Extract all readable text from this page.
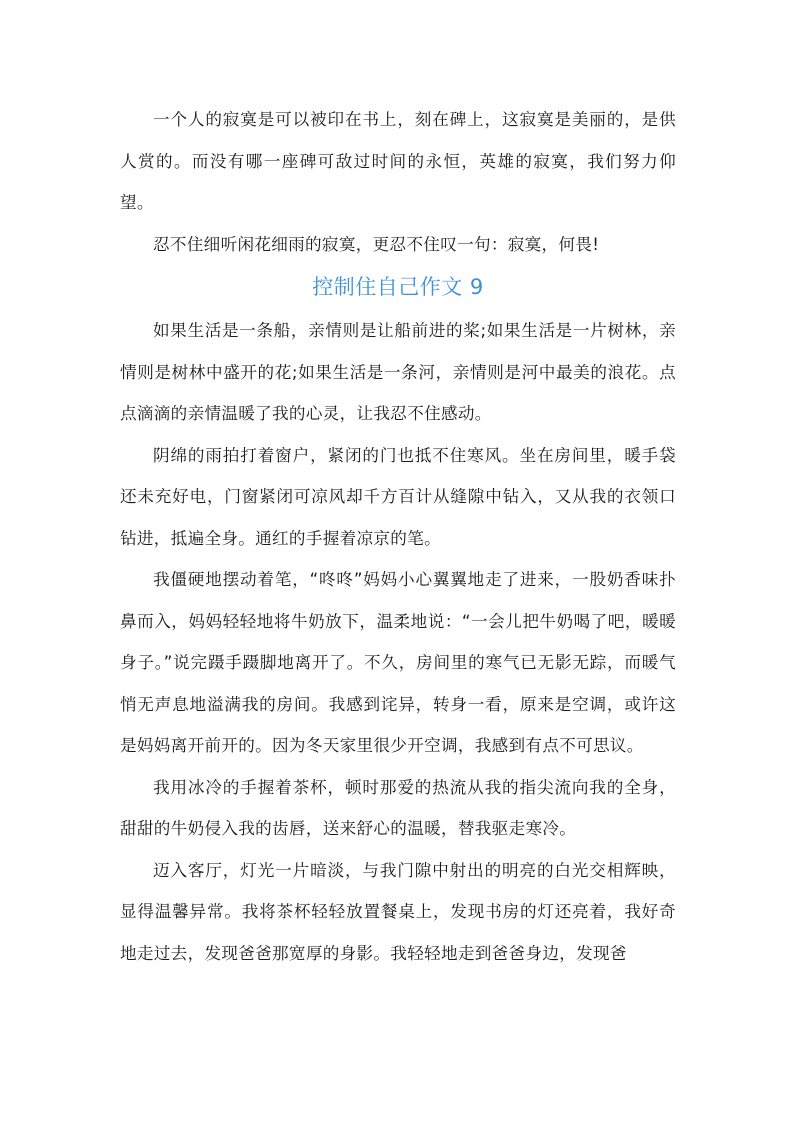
一个人的寂寞是可以被印在书上，刻在碑上，这寂寞是美丽的，是供人赏的。而没有哪一座碑可敌过时间的永恒，英雄的寂寞，我们努力仰望。

忍不住细听闲花细雨的寂寞，更忍不住叹一句：寂寞，何畏!

控制住自己作文 9

如果生活是一条船，亲情则是让船前进的桨;如果生活是一片树林，亲情则是树林中盛开的花;如果生活是一条河，亲情则是河中最美的浪花。点点滴滴的亲情温暖了我的心灵，让我忍不住感动。

阴绵的雨拍打着窗户，紧闭的门也抵不住寒风。坐在房间里，暖手袋还未充好电，门窗紧闭可凉风却千方百计从缝隙中钻入，又从我的衣领口钻进，抵遍全身。通红的手握着凉京的笔。

我僵硬地摆动着笔，“咚咚”妈妈小心翼翼地走了进来，一股奶香味扑鼻而入，妈妈轻轻地将牛奶放下，温柔地说：“一会儿把牛奶喝了吧，暖暖身子。”说完蹑手蹑脚地离开了。不久，房间里的寒气已无影无踪，而暖气悄无声息地溢满我的房间。我感到诧异，转身一看，原来是空调，或许这是妈妈离开前开的。因为冬天家里很少开空调，我感到有点不可思议。

我用冰冷的手握着茶杯，顿时那爱的热流从我的指尖流向我的全身，甜甜的牛奶侵入我的齿唇，送来舒心的温暖，替我驱走寒冷。

迈入客厅，灯光一片暗淡，与我门隙中射出的明亮的白光交相辉映，显得温馨异常。我将茶杯轻轻放置餐桌上，发现书房的灯还亮着，我好奇地走过去，发现爸爸那宽厚的身影。我轻轻地走到爸爸身边，发现爸
